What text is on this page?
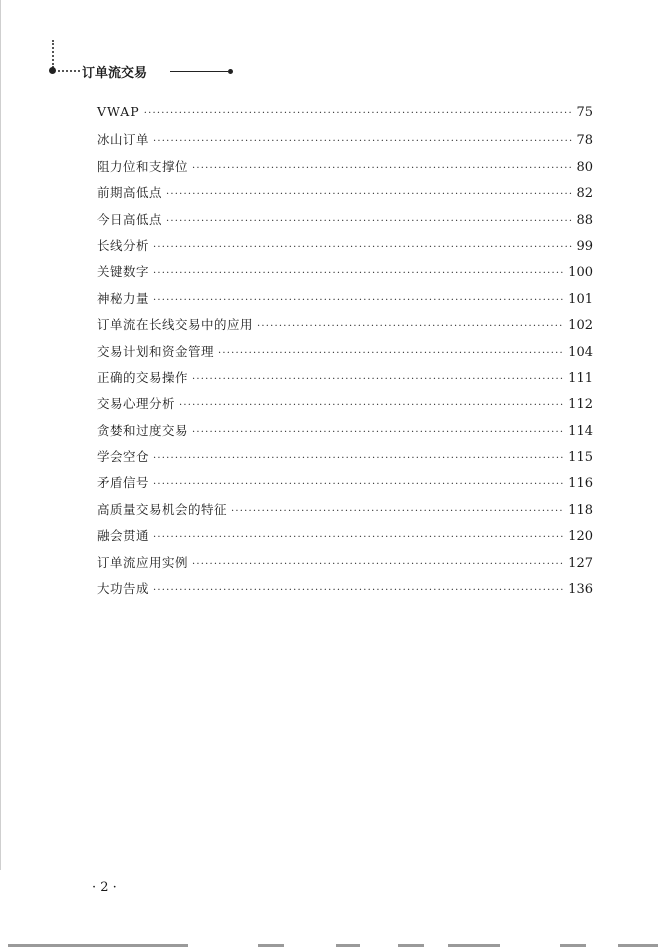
订单流交易
VWAP ·····	75
冰山订单 ·····	78
阻力位和支撑位 ·····	80
前期高低点 ·····	82
今日高低点 ·····	88
长线分析 ·····	99
关键数字 ·····	100
神秘力量 ·····	101
订单流在长线交易中的应用 ·····	102
交易计划和资金管理 ·····	104
正确的交易操作 ·····	111
交易心理分析 ·····	112
贪婪和过度交易 ·····	114
学会空仓 ·····	115
矛盾信号 ·····	116
高质量交易机会的特征 ·····	118
融会贯通 ·····	120
订单流应用实例 ·····	127
大功告成 ·····	136
· 2 ·
